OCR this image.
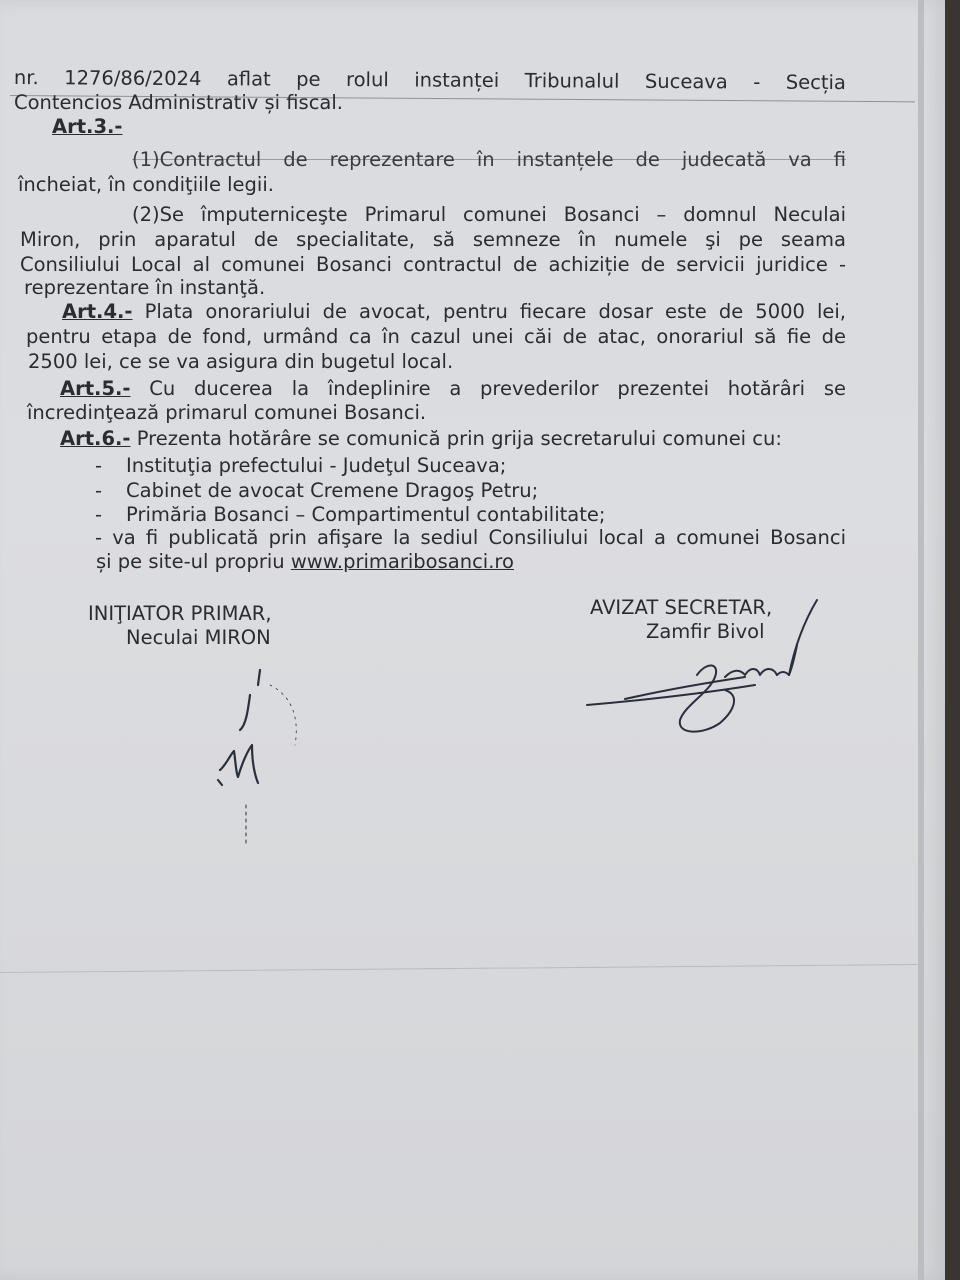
nr. 1276/86/2024 aflat pe rolul instanței Tribunalul Suceava - Secția
Contencios Administrativ și fiscal.
Art.3.-
(1)Contractul de reprezentare în instanțele de judecată va fi
încheiat, în condiţiile legii.
(2)Se împuterniceşte Primarul comunei Bosanci – domnul Neculai
Miron, prin aparatul de specialitate, să semneze în numele şi pe seama
Consiliului Local al comunei Bosanci contractul de achiziție de servicii juridice -
reprezentare în instanţă.
Art.4.- Plata onorariului de avocat, pentru fiecare dosar este de 5000 lei,
pentru etapa de fond, urmând ca în cazul unei căi de atac, onorariul să fie de
2500 lei, ce se va asigura din bugetul local.
Art.5.- Cu ducerea la îndeplinire a prevederilor prezentei hotărâri se
încredinţează primarul comunei Bosanci.
Art.6.- Prezenta hotărâre se comunică prin grija secretarului comunei cu:
- Instituţia prefectului - Judeţul Suceava;
- Cabinet de avocat Cremene Dragoş Petru;
- Primăria Bosanci – Compartimentul contabilitate;
- va fi publicată prin afişare la sediul Consiliului local a comunei Bosanci
și pe site-ul propriu www.primaribosanci.ro
INIŢIATOR PRIMAR,
Neculai MIRON
AVIZAT SECRETAR,
Zamfir Bivol
